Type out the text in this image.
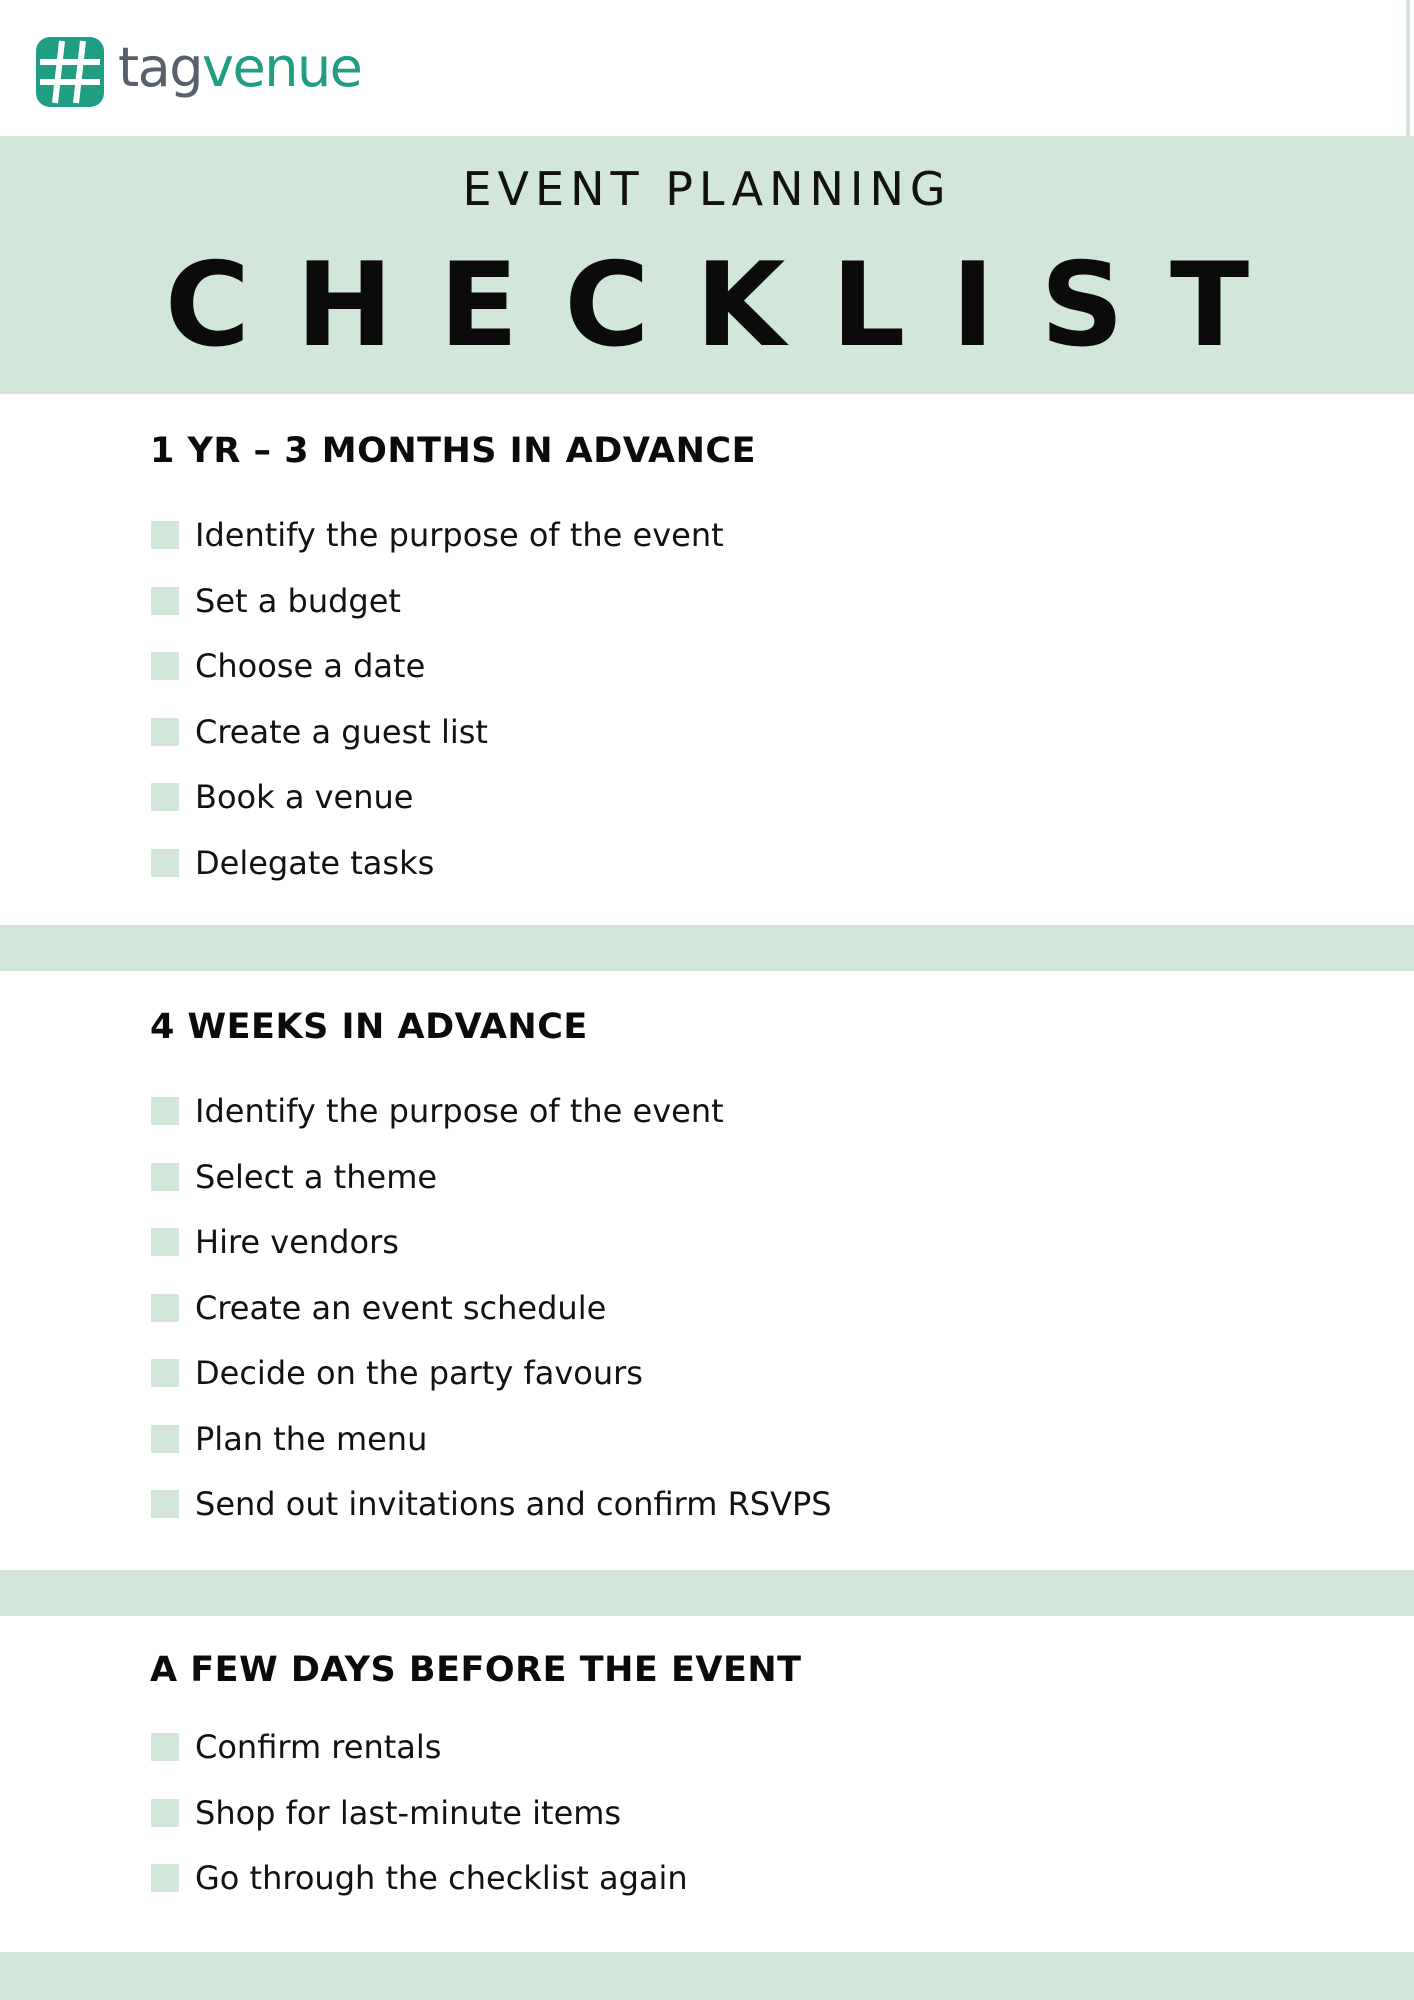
tagvenue
EVENT PLANNING
CHECKLIST
1 YR – 3 MONTHS IN ADVANCE
Identify the purpose of the event
Set a budget
Choose a date
Create a guest list
Book a venue
Delegate tasks
4 WEEKS IN ADVANCE
Identify the purpose of the event
Select a theme
Hire vendors
Create an event schedule
Decide on the party favours
Plan the menu
Send out invitations and confirm RSVPS
A FEW DAYS BEFORE THE EVENT
Confirm rentals
Shop for last-minute items
Go through the checklist again
